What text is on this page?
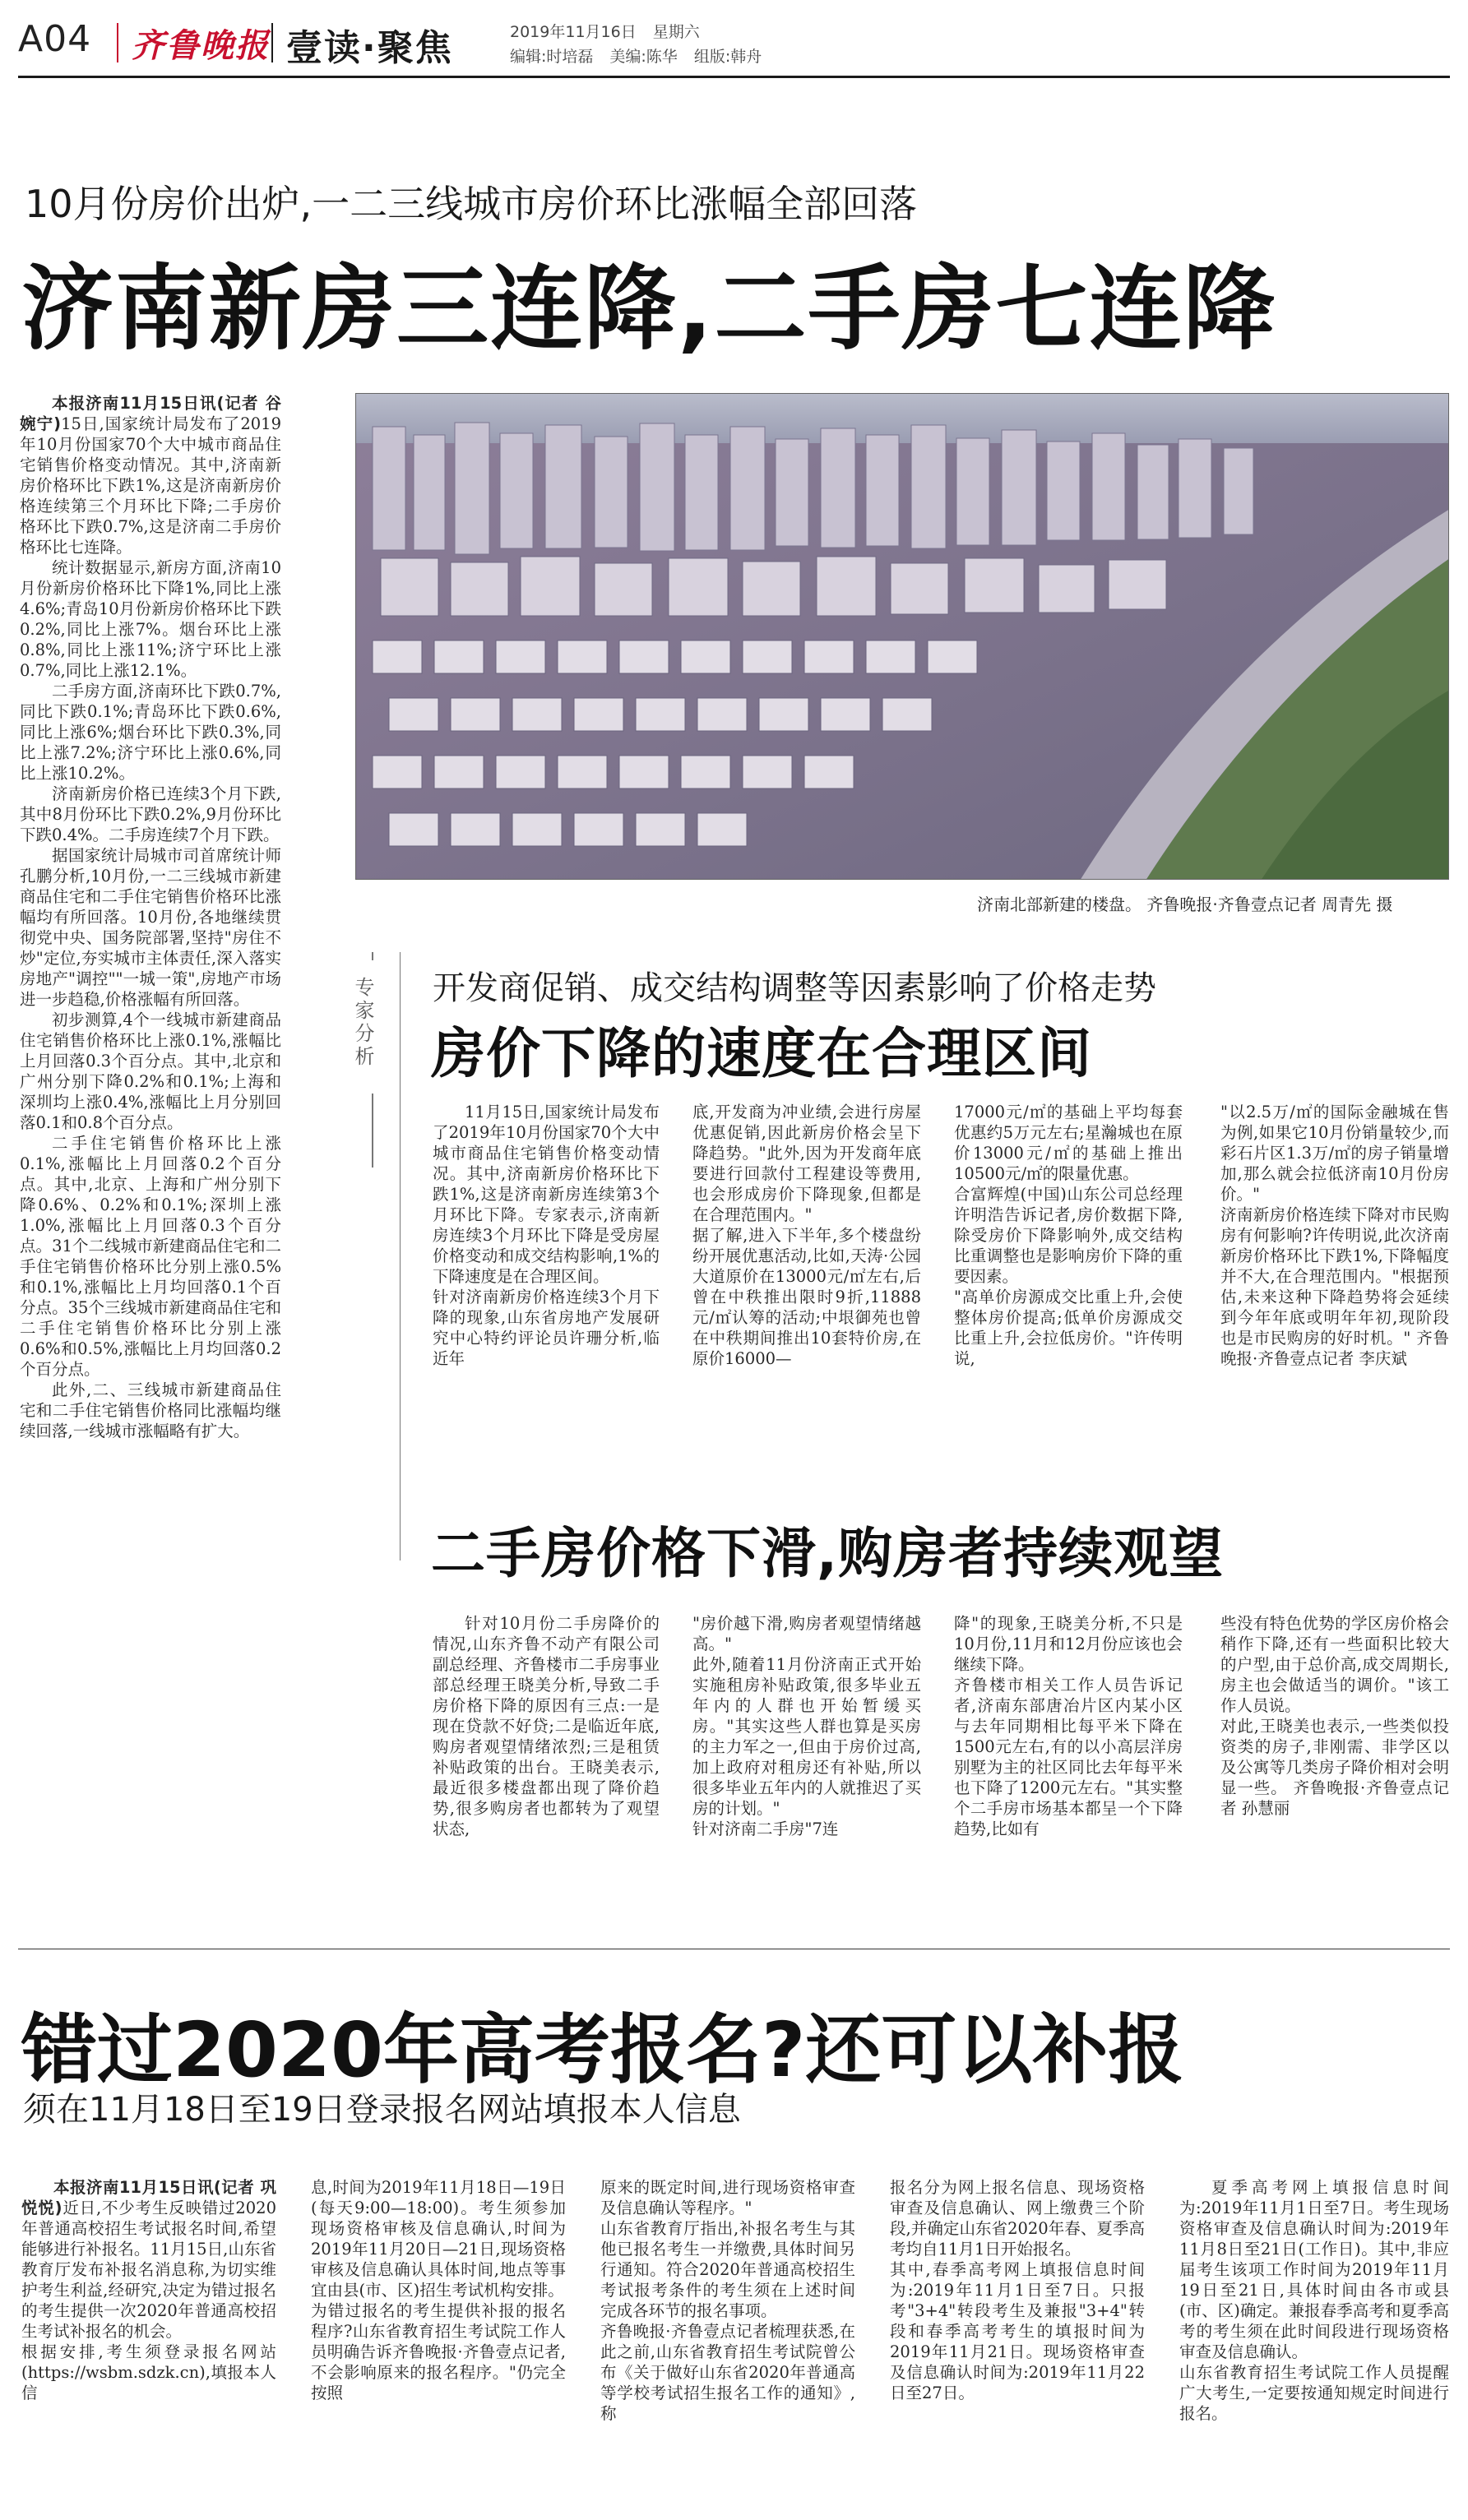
A04 齐鲁晚报 壹读·聚焦	2019年11月16日 星期六
编辑:时培磊 美编:陈华 组版:韩舟
10月份房价出炉,一二三线城市房价环比涨幅全部回落
济南新房三连降,二手房七连降

本报济南11月15日讯(记者 谷婉宁)15日,国家统计局发布了2019年10月份国家70个大中城市商品住宅销售价格变动情况。其中,济南新房价格环比下跌1%,这是济南新房价格连续第三个月环比下降;二手房价格环比下跌0.7%,这是济南二手房价格环比七连降。

统计数据显示,新房方面,济南10月份新房价格环比下降1%,同比上涨4.6%;青岛10月份新房价格环比下跌0.2%,同比上涨7%。烟台环比上涨0.8%,同比上涨11%;济宁环比上涨0.7%,同比上涨12.1%。

二手房方面,济南环比下跌0.7%,同比下跌0.1%;青岛环比下跌0.6%,同比上涨6%;烟台环比下跌0.3%,同比上涨7.2%;济宁环比上涨0.6%,同比上涨10.2%。

济南新房价格已连续3个月下跌,其中8月份环比下跌0.2%,9月份环比下跌0.4%。二手房连续7个月下跌。

据国家统计局城市司首席统计师孔鹏分析,10月份,一二三线城市新建商品住宅和二手住宅销售价格环比涨幅均有所回落。10月份,各地继续贯彻党中央、国务院部署,坚持"房住不炒"定位,夯实城市主体责任,深入落实房地产"调控""一城一策",房地产市场进一步趋稳,价格涨幅有所回落。

初步测算,4个一线城市新建商品住宅销售价格环比上涨0.1%,涨幅比上月回落0.3个百分点。其中,北京和广州分别下降0.2%和0.1%;上海和深圳均上涨0.4%,涨幅比上月分别回落0.1和0.8个百分点。

二手住宅销售价格环比上涨0.1%,涨幅比上月回落0.2个百分点。其中,北京、上海和广州分别下降0.6%、0.2%和0.1%;深圳上涨1.0%,涨幅比上月回落0.3个百分点。31个二线城市新建商品住宅和二手住宅销售价格环比分别上涨0.5%和0.1%,涨幅比上月均回落0.1个百分点。35个三线城市新建商品住宅和二手住宅销售价格环比分别上涨0.6%和0.5%,涨幅比上月均回落0.2个百分点。

此外,二、三线城市新建商品住宅和二手住宅销售价格同比涨幅均继续回落,一线城市涨幅略有扩大。

济南北部新建的楼盘。 齐鲁晚报·齐鲁壹点记者 周青先 摄
专家分析 开发商促销、成交结构调整等因素影响了价格走势
房价下降的速度在合理区间
11月15日,国家统计局发布了2019年10月份国家70个大中城市商品住宅销售价格变动情况。其中,济南新房价格环比下跌1%,这是济南新房连续第3个月环比下降。专家表示,济南新房连续3个月环比下降是受房屋价格变动和成交结构影响,1%的下降速度是在合理区间。
针对济南新房价格连续3个月下降的现象,山东省房地产发展研究中心特约评论员许珊分析,临近年
底,开发商为冲业绩,会进行房屋优惠促销,因此新房价格会呈下降趋势。"此外,因为开发商年底要进行回款付工程建设等费用,也会形成房价下降现象,但都是在合理范围内。"
据了解,进入下半年,多个楼盘纷纷开展优惠活动,比如,天涛·公园大道原价在13000元/㎡左右,后曾在中秩推出限时9折,11888元/㎡认筹的活动;中垠御苑也曾在中秩期间推出10套特价房,在原价16000—
17000元/㎡的基础上平均每套优惠约5万元左右;星瀚城也在原价13000元/㎡的基础上推出10500元/㎡的限量优惠。
合富辉煌(中国)山东公司总经理许明浩告诉记者,房价数据下降,除受房价下降影响外,成交结构比重调整也是影响房价下降的重要因素。
"高单价房源成交比重上升,会使整体房价提高;低单价房源成交比重上升,会拉低房价。"许传明说,
"以2.5万/㎡的国际金融城在售为例,如果它10月份销量较少,而彩石片区1.3万/㎡的房子销量增加,那么就会拉低济南10月份房价。"
济南新房价格连续下降对市民购房有何影响?许传明说,此次济南新房价格环比下跌1%,下降幅度并不大,在合理范围内。"根据预估,未来这种下降趋势将会延续到今年年底或明年年初,现阶段也是市民购房的好时机。" 齐鲁晚报·齐鲁壹点记者 李庆斌
二手房价格下滑,购房者持续观望
针对10月份二手房降价的情况,山东齐鲁不动产有限公司副总经理、齐鲁楼市二手房事业部总经理王晓美分析,导致二手房价格下降的原因有三点:一是现在贷款不好贷;二是临近年底,购房者观望情绪浓烈;三是租赁补贴政策的出台。王晓美表示,最近很多楼盘都出现了降价趋势,很多购房者也都转为了观望状态,
"房价越下滑,购房者观望情绪越高。"
此外,随着11月份济南正式开始实施租房补贴政策,很多毕业五年内的人群也开始暂缓买房。"其实这些人群也算是买房的主力军之一,但由于房价过高,加上政府对租房还有补贴,所以很多毕业五年内的人就推迟了买房的计划。"
针对济南二手房"7连
降"的现象,王晓美分析,不只是10月份,11月和12月份应该也会继续下降。
齐鲁楼市相关工作人员告诉记者,济南东部唐冶片区内某小区与去年同期相比每平米下降在1500元左右,有的以小高层洋房别墅为主的社区同比去年每平米也下降了1200元左右。"其实整个二手房市场基本都呈一个下降趋势,比如有
些没有特色优势的学区房价格会稍作下降,还有一些面积比较大的户型,由于总价高,成交周期长,房主也会做适当的调价。"该工作人员说。
对此,王晓美也表示,一些类似投资类的房子,非刚需、非学区以及公寓等几类房子降价相对会明显一些。 齐鲁晚报·齐鲁壹点记者 孙慧丽
错过2020年高考报名?还可以补报
须在11月18日至19日登录报名网站填报本人信息

本报济南11月15日讯(记者 巩悦悦)近日,不少考生反映错过2020年普通高校招生考试报名时间,希望能够进行补报名。11月15日,山东省教育厅发布补报名消息称,为切实维护考生利益,经研究,决定为错过报名的考生提供一次2020年普通高校招生考试补报名的机会。
根据安排,考生须登录报名网站(https://wsbm.sdzk.cn),填报本人信

息,时间为2019年11月18日—19日(每天9:00—18:00)。考生须参加现场资格审核及信息确认,时间为2019年11月20日—21日,现场资格审核及信息确认具体时间,地点等事宜由县(市、区)招生考试机构安排。
为错过报名的考生提供补报的报名程序?山东省教育招生考试院工作人员明确告诉齐鲁晚报·齐鲁壹点记者,不会影响原来的报名程序。"仍完全按照
原来的既定时间,进行现场资格审查及信息确认等程序。"
山东省教育厅指出,补报名考生与其他已报名考生一并缴费,具体时间另行通知。符合2020年普通高校招生考试报考条件的考生须在上述时间完成各环节的报名事项。
齐鲁晚报·齐鲁壹点记者梳理获悉,在此之前,山东省教育招生考试院曾公布《关于做好山东省2020年普通高等学校考试招生报名工作的通知》,称
报名分为网上报名信息、现场资格审查及信息确认、网上缴费三个阶段,并确定山东省2020年春、夏季高考均自11月1日开始报名。
其中,春季高考网上填报信息时间为:2019年11月1日至7日。只报考"3+4"转段考生及兼报"3+4"转段和春季高考考生的填报时间为2019年11月21日。现场资格审查及信息确认时间为:2019年11月22日至27日。
夏季高考网上填报信息时间为:2019年11月1日至7日。考生现场资格审查及信息确认时间为:2019年11月8日至21日(工作日)。其中,非应届考生该项工作时间为2019年11月19日至21日,具体时间由各市或县(市、区)确定。兼报春季高考和夏季高考的考生须在此时间段进行现场资格审查及信息确认。
山东省教育招生考试院工作人员提醒广大考生,一定要按通知规定时间进行报名。
